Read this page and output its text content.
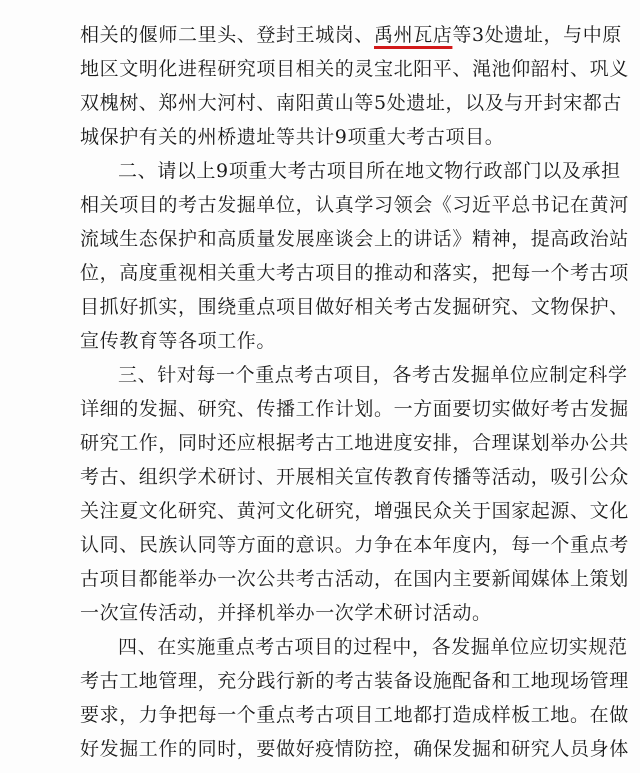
相关的偃师二里头、登封王城岗、禹州瓦店等3处遗址，与中原
地区文明化进程研究项目相关的灵宝北阳平、渑池仰韶村、巩义
双槐树、郑州大河村、南阳黄山等5处遗址，以及与开封宋都古
城保护有关的州桥遗址等共计9项重大考古项目。
二、请以上9项重大考古项目所在地文物行政部门以及承担
相关项目的考古发掘单位，认真学习领会《习近平总书记在黄河
流域生态保护和高质量发展座谈会上的讲话》精神，提高政治站
位，高度重视相关重大考古项目的推动和落实，把每一个考古项
目抓好抓实，围绕重点项目做好相关考古发掘研究、文物保护、
宣传教育等各项工作。
三、针对每一个重点考古项目，各考古发掘单位应制定科学
详细的发掘、研究、传播工作计划。一方面要切实做好考古发掘
研究工作，同时还应根据考古工地进度安排，合理谋划举办公共
考古、组织学术研讨、开展相关宣传教育传播等活动，吸引公众
关注夏文化研究、黄河文化研究，增强民众关于国家起源、文化
认同、民族认同等方面的意识。力争在本年度内，每一个重点考
古项目都能举办一次公共考古活动，在国内主要新闻媒体上策划
一次宣传活动，并择机举办一次学术研讨活动。
四、在实施重点考古项目的过程中，各发掘单位应切实规范
考古工地管理，充分践行新的考古装备设施配备和工地现场管理
要求，力争把每一个重点考古项目工地都打造成样板工地。在做
好发掘工作的同时，要做好疫情防控，确保发掘和研究人员身体
